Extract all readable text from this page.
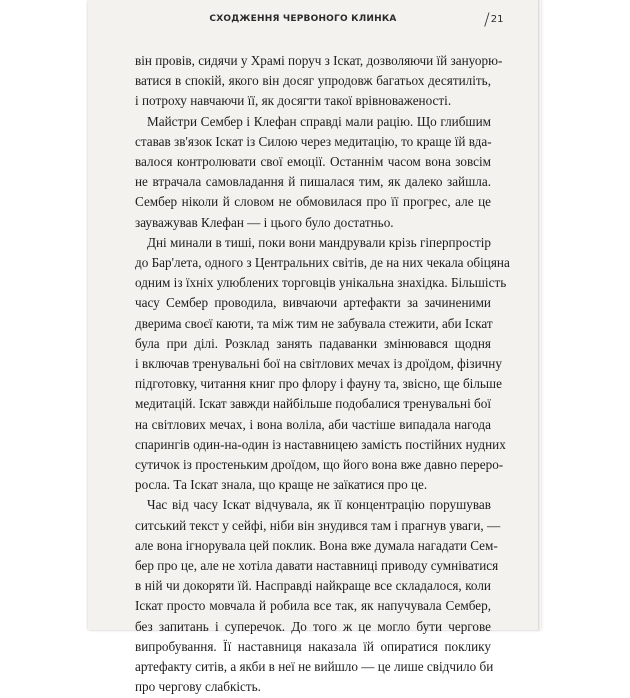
СХОДЖЕННЯ ЧЕРВОНОГО КЛИНКА	/21
він провів, сидячи у Храмі поруч з Іскат, дозволяючи їй зануорю-
ватися в спокій, якого він досяг упродовж багатьох десятиліть,
і потроху навчаючи її, як досягти такої врівноваженості.
Майстри Сембер і Клефан справді мали рацію. Що глибшим
ставав зв'язок Іскат із Силою через медитацію, то краще їй вда-
валося контролювати свої емоції. Останнім часом вона зовсім
не втрачала самовладання й пишалася тим, як далеко зайшла.
Сембер ніколи й словом не обмовилася про її прогрес, але це
зауважував Клефан — і цього було достатньо.
Дні минали в тиші, поки вони мандрували крізь гіперпростір
до Бар'лета, одного з Центральних світів, де на них чекала обіцяна
одним із їхніх улюблених торговців унікальна знахідка. Більшість
часу Сембер проводила, вивчаючи артефакти за зачиненими
дверима своєї каюти, та між тим не забувала стежити, аби Іскат
була при ділі. Розклад занять падаванки змінювався щодня
і включав тренувальні бої на світлових мечах із дроїдом, фізичну
підготовку, читання книг про флору і фауну та, звісно, ще більше
медитацій. Іскат завжди найбільше подобалися тренувальні бої
на світлових мечах, і вона воліла, аби частіше випадала нагода
спарингів один-на-один із наставницею замість постійних нудних
сутичок із простеньким дроїдом, що його вона вже давно перерo-
росла. Та Іскат знала, що краще не заїкатися про це.
Час від часу Іскат відчувала, як її концентрацію порушував
ситський текст у сейфі, ніби він знудився там і прагнув уваги, —
але вона ігнорувала цей поклик. Вона вже думала нагадати Сем-
бер про це, але не хотіла давати наставниці приводу сумніватися
в ній чи докоряти їй. Насправді найкраще все складалося, коли
Іскат просто мовчала й робила все так, як напучувала Сембер,
без запитань і суперечок. До того ж це могло бути чергове
випробування. Її наставниця наказала їй опиратися поклику
артефакту ситів, а якби в неї не вийшло — це лише свідчило би
про чергову слабкість.
